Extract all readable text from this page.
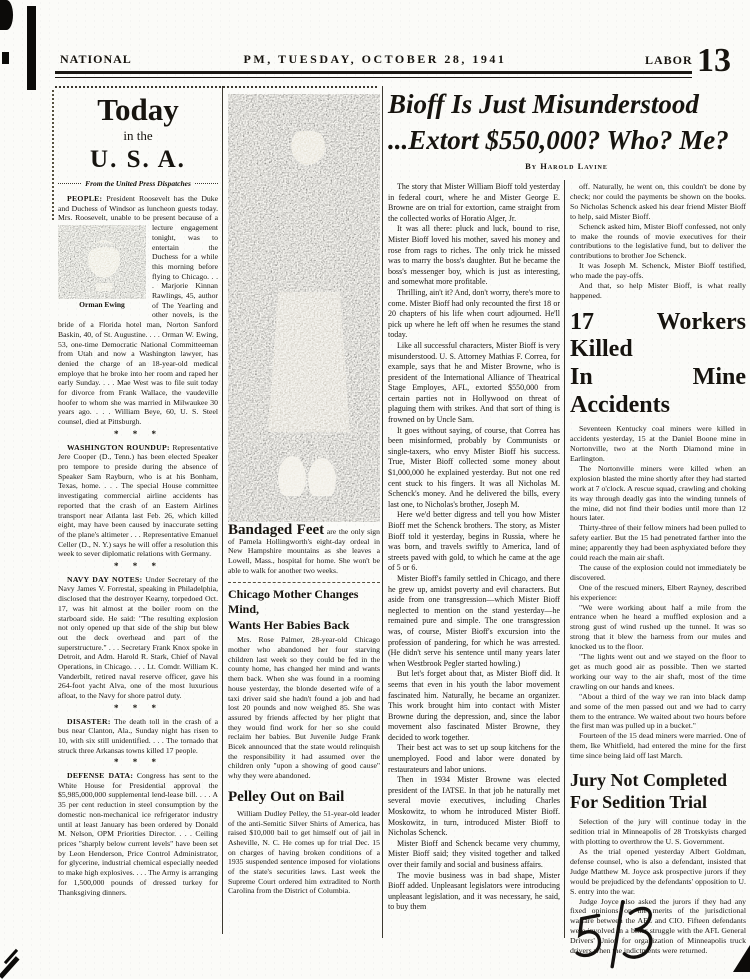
NATIONAL	PM, TUESDAY, OCTOBER 28, 1941	LABOR 13
Today
in the
U. S. A.
From the United Press Dispatches

PEOPLE: President Roosevelt has the Duke and Duchess of Windsor as luncheon guests today. Mrs. Roosevelt, unable to be
Orman Ewing
present because of a lecture engagement tonight, was to entertain the Duchess for a while this morning before flying to Chicago. . . . Marjorie Kinnan Rawlings, 45, author of The Yearling and other novels, is the bride of a Florida hotel man, Norton Sanford Baskin, 40, of St. Augustine. . . . Orman W. Ewing, 53, one-time Democratic National Committeeman from Utah and now a Washington lawyer, has denied the charge of an 18-year-old medical employe that he broke into her room and raped her early Sunday. . . . Mae West was to file suit today for divorce from Frank Wallace, the vaudeville hoofer to whom she was married in Milwaukee 30 years ago. . . . William Beye, 60, U. S. Steel counsel, died at Pittsburgh.

* * *

WASHINGTON ROUNDUP: Representative Jere Cooper (D., Tenn.) has been elected Speaker pro tempore to preside during the absence of Speaker Sam Rayburn, who is at his Bonham, Texas, home. . . . The special House committee investigating commercial airline accidents has reported that the crash of an Eastern Airlines transport near Atlanta last Feb. 26, which killed eight, may have been caused by inaccurate setting of the plane's altimeter . . . Representative Emanuel Celler (D., N. Y.) says he will offer a resolution this week to sever diplomatic relations with Germany.

* * *

NAVY DAY NOTES: Under Secretary of the Navy James V. Forrestal, speaking in Philadelphia, disclosed that the destroyer Kearny, torpedoed Oct. 17, was hit almost at the boiler room on the starboard side. He said: "The resulting explosion not only opened up that side of the ship but blew out the deck overhead and part of the superstructure." . . . Secretary Frank Knox spoke in Detroit, and Adm. Harold R. Stark, Chief of Naval Operations, in Chicago. . . . Lt. Comdr. William K. Vanderbilt, retired naval reserve officer, gave his 264-foot yacht Alva, one of the most luxurious afloat, to the Navy for shore patrol duty.

* * *

DISASTER: The death toll in the crash of a bus near Clanton, Ala., Sunday night has risen to 10, with six still unidentified. . . . The tornado that struck three Arkansas towns killed 17 people.

* * *

DEFENSE DATA: Congress has sent to the White House for Presidential approval the $5,985,000,000 supplemental lend-lease bill. . . . A 35 per cent reduction in steel consumption by the domestic non-mechanical ice refrigerator industry until at least January has been ordered by Donald M. Nelson, OPM Priorities Director. . . . Ceiling prices "sharply below current levels" have been set by Leon Henderson, Price Control Administrator, for glycerine, industrial chemical especially needed to make high explosives. . . . The Army is arranging for 1,500,000 pounds of dressed turkey for Thanksgiving dinners.

Bandaged Feet are the only sign of Pamela Hollingworth's eight-day ordeal in New Hampshire mountains as she leaves a Lowell, Mass., hospital for home. She won't be able to walk for another two weeks.
Chicago Mother Changes Mind,
Wants Her Babies Back

Mrs. Rose Palmer, 28-year-old Chicago mother who abandoned her four starving children last week so they could be fed in the county home, has changed her mind and wants them back. When she was found in a rooming house yesterday, the blonde deserted wife of a taxi driver said she hadn't found a job and had lost 20 pounds and now weighed 85. She was assured by friends affected by her plight that they would find work for her so she could reclaim her babies. But Juvenile Judge Frank Bicek announced that the state would relinquish the responsibility it had assumed over the children only "upon a showing of good cause" why they were abandoned.

Pelley Out on Bail

William Dudley Pelley, the 51-year-old leader of the anti-Semitic Silver Shirts of America, has raised $10,000 bail to get himself out of jail in Asheville, N. C. He comes up for trial Dec. 15 on charges of having broken conditions of a 1935 suspended sentence imposed for violations of the state's securities laws. Last week the Supreme Court ordered him extradited to North Carolina from the District of Columbia.

Bioff Is Just Misunderstood
...Extort $550,000? Who? Me?
By Harold Lavine

The story that Mister William Bioff told yesterday in federal court, where he and Mister George E. Browne are on trial for extortion, came straight from the collected works of Horatio Alger, Jr.

It was all there: pluck and luck, bound to rise, Mister Bioff loved his mother, saved his money and rose from rags to riches. The only trick he missed was to marry the boss's daughter. But he became the boss's messenger boy, which is just as interesting, and somewhat more profitable.

Thrilling, ain't it? And, don't worry, there's more to come. Mister Bioff had only recounted the first 18 or 20 chapters of his life when court adjourned. He'll pick up where he left off when he resumes the stand today.

Like all successful characters, Mister Bioff is very misunderstood. U. S. Attorney Mathias F. Correa, for example, says that he and Mister Browne, who is president of the International Alliance of Theatrical Stage Employes, AFL, extorted $550,000 from certain parties not in Hollywood on threat of plaguing them with strikes. And that sort of thing is frowned on by Uncle Sam.

It goes without saying, of course, that Correa has been misinformed, probably by Communists or single-taxers, who envy Mister Bioff his success. True, Mister Bioff collected some money about $1,000,000 he explained yesterday. But not one red cent stuck to his fingers. It was all Nicholas M. Schenck's money. And he delivered the bills, every last one, to Nicholas's brother, Joseph M.

Here we'd better digress and tell you how Mister Bioff met the Schenck brothers. The story, as Mister Bioff told it yesterday, begins in Russia, where he was born, and travels swiftly to America, land of streets paved with gold, to which he came at the age of 5 or 6.

Mister Bioff's family settled in Chicago, and there he grew up, amidst poverty and evil characters. But aside from one transgression—which Mister Bioff neglected to mention on the stand yesterday—he remained pure and simple. The one transgression was, of course, Mister Bioff's excursion into the profession of pandering, for which he was arrested. (He didn't serve his sentence until many years later when Westbrook Pegler started howling.)

But let's forget about that, as Mister Bioff did. It seems that even in his youth the labor movement fascinated him. Naturally, he became an organizer. This work brought him into contact with Mister Browne during the depression, and, since the labor movement also fascinated Mister Browne, they decided to work together.

Their best act was to set up soup kitchens for the unemployed. Food and labor were donated by restaurateurs and labor unions.

Then in 1934 Mister Browne was elected president of the IATSE. In that job he naturally met several movie executives, including Charles Moskowitz, to whom he introduced Mister Bioff. Moskowitz, in turn, introduced Mister Bioff to Nicholas Schenck.

Mister Bioff and Schenck became very chummy, Mister Bioff said; they visited together and talked over their family and social and business affairs.

The movie business was in bad shape, Mister Bioff added. Unpleasant legislators were introducing unpleasant legislation, and it was necessary, he said, to buy them

off. Naturally, he went on, this couldn't be done by check; nor could the payments be shown on the books. So Nicholas Schenck asked his dear friend Mister Bioff to help, said Mister Bioff.

Schenck asked him, Mister Bioff confessed, not only to make the rounds of movie executives for their contributions to the legislative fund, but to deliver the contributions to brother Joe Schenck.

It was Joseph M. Schenck, Mister Bioff testified, who made the pay-offs.

And that, so help Mister Bioff, is what really happened.

17 Workers Killed
In Mine Accidents

Seventeen Kentucky coal miners were killed in accidents yesterday, 15 at the Daniel Boone mine in Nortonville, two at the North Diamond mine in Earlington.

The Nortonville miners were killed when an explosion blasted the mine shortly after they had started work at 7 o'clock. A rescue squad, crawling and choking its way through deadly gas into the winding tunnels of the mine, did not find their bodies until more than 12 hours later.

Thirty-three of their fellow miners had been pulled to safety earlier. But the 15 had penetrated farther into the mine; apparently they had been asphyxiated before they could reach the main air shaft.

The cause of the explosion could not immediately be discovered.

One of the rescued miners, Elbert Rayney, described his experience:

"We were working about half a mile from the entrance when he heard a muffled explosion and a strong gust of wind rushed up the tunnel. It was so strong that it blew the harness from our mules and knocked us to the floor.

"The lights went out and we stayed on the floor to get as much good air as possible. Then we started working our way to the air shaft, most of the time crawling on our hands and knees.

"About a third of the way we ran into black damp and some of the men passed out and we had to carry them to the entrance. We waited about two hours before the first man was pulled up in a bucket."

Fourteen of the 15 dead miners were married. One of them, Ike Whitfield, had entered the mine for the first time since being laid off last March.

Jury Not Completed
For Sedition Trial

Selection of the jury will continue today in the sedition trial in Minneapolis of 28 Trotskyists charged with plotting to overthrow the U. S. Government.

As the trial opened yesterday Albert Goldman, defense counsel, who is also a defendant, insisted that Judge Matthew M. Joyce ask prospective jurors if they would be prejudiced by the defendants' opposition to U. S. entry into the war.

Judge Joyce also asked the jurors if they had any fixed opinions on the merits of the jurisdictional warfare between the AFL and CIO. Fifteen defendants were involved in a bitter struggle with the AFL General Drivers' Union for organization of Minneapolis truck drivers when the indictments were returned.
